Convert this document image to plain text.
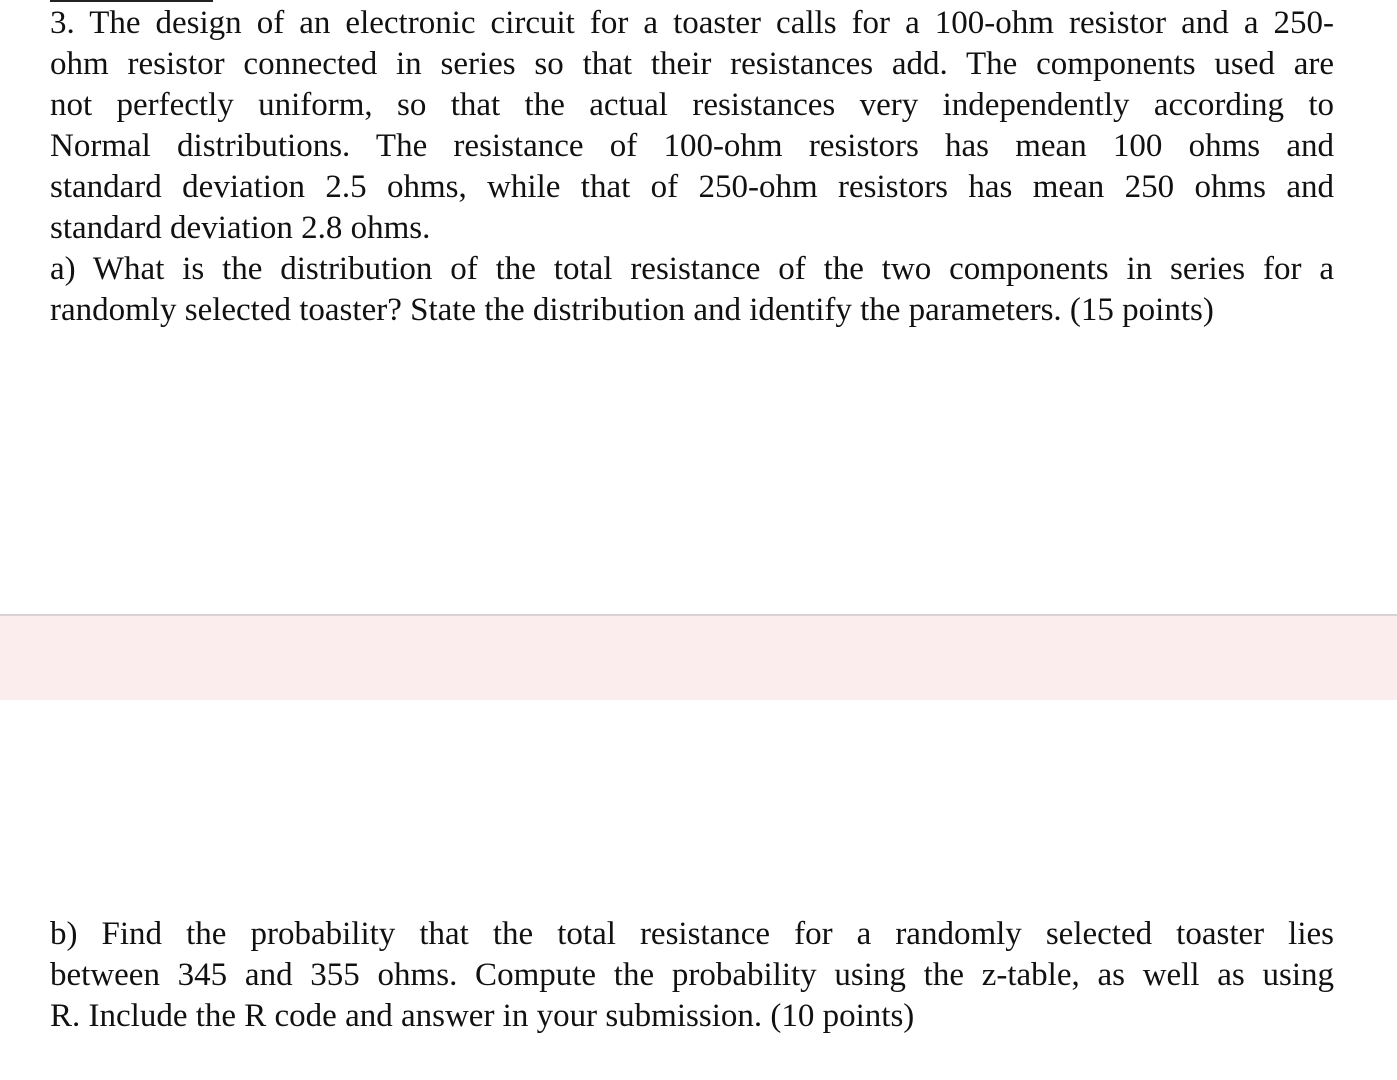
3. The design of an electronic circuit for a toaster calls for a 100-ohm resistor and a 250-
ohm resistor connected in series so that their resistances add. The components used are
not perfectly uniform, so that the actual resistances very independently according to
Normal distributions. The resistance of 100-ohm resistors has mean 100 ohms and
standard deviation 2.5 ohms, while that of 250-ohm resistors has mean 250 ohms and
standard deviation 2.8 ohms.
a) What is the distribution of the total resistance of the two components in series for a
randomly selected toaster? State the distribution and identify the parameters. (15 points)
b) Find the probability that the total resistance for a randomly selected toaster lies
between 345 and 355 ohms. Compute the probability using the z-table, as well as using
R. Include the R code and answer in your submission. (10 points)
